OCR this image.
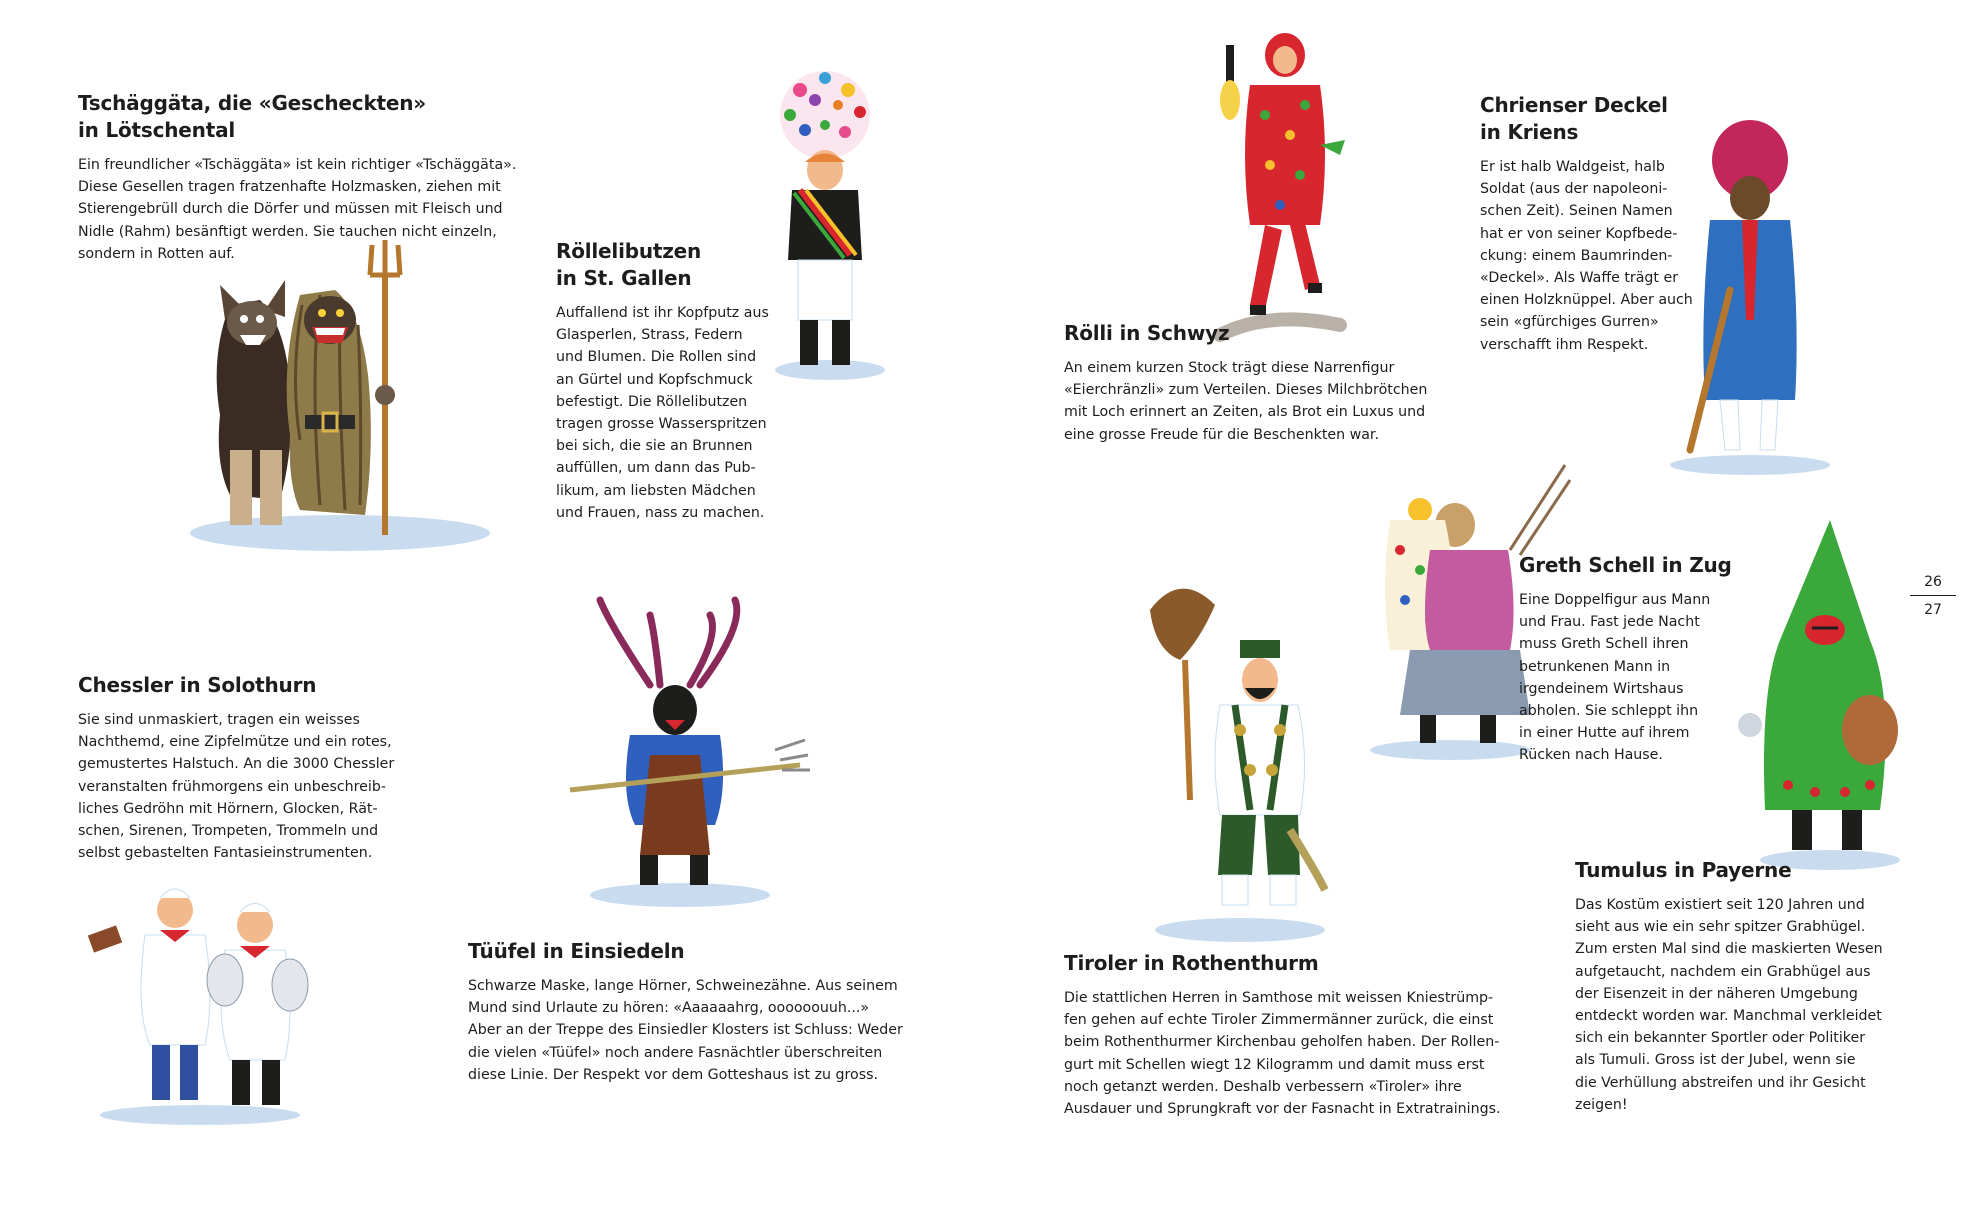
Tschäggäta, die «Gescheckten»
in Lötschental

Ein freundlicher «Tschäggäta» ist kein richtiger «Tschäggäta».
Diese Gesellen tragen fratzenhafte Holzmasken, ziehen mit
Stierengebrüll durch die Dörfer und müssen mit Fleisch und
Nidle (Rahm) besänftigt werden. Sie tauchen nicht einzeln,
sondern in Rotten auf.	Röllelibutzen
in St. Gallen

Auffallend ist ihr Kopfputz aus
Glasperlen, Strass, Federn
und Blumen. Die Rollen sind
an Gürtel und Kopfschmuck
befestigt. Die Röllelibutzen
tragen grosse Wasserspritzen
bei sich, die sie an Brunnen
auffüllen, um dann das Pub-
likum, am liebsten Mädchen
und Frauen, nass zu machen.

Rölli in Schwyz

An einem kurzen Stock trägt diese Narrenfigur
«Eierchränzli» zum Verteilen. Dieses Milchbrötchen
mit Loch erinnert an Zeiten, als Brot ein Luxus und
eine grosse Freude für die Beschenkten war.

Chrienser Deckel
in Kriens

Er ist halb Waldgeist, halb
Soldat (aus der napoleoni-
schen Zeit). Seinen Namen
hat er von seiner Kopfbede-
ckung: einem Baumrinden-
«Deckel». Als Waffe trägt er
einen Holzknüppel. Aber auch
sein «gfürchiges Gurren»
verschafft ihm Respekt.

Chessler in Solothurn

Sie sind unmaskiert, tragen ein weisses
Nachthemd, eine Zipfelmütze und ein rotes,
gemustertes Halstuch. An die 3000 Chessler
veranstalten frühmorgens ein unbeschreib-
liches Gedröhn mit Hörnern, Glocken, Rät-
schen, Sirenen, Trompeten, Trommeln und
selbst gebastelten Fantasieinstrumenten.

Tüüfel in Einsiedeln

Schwarze Maske, lange Hörner, Schweinezähne. Aus seinem
Mund sind Urlaute zu hören: «Aaaaaahrg, oooooouuh...»
Aber an der Treppe des Einsiedler Klosters ist Schluss: Weder
die vielen «Tüüfel» noch andere Fasnächtler überschreiten
diese Linie. Der Respekt vor dem Gotteshaus ist zu gross.

Greth Schell in Zug

Eine Doppelfigur aus Mann
und Frau. Fast jede Nacht
muss Greth Schell ihren
betrunkenen Mann in
irgendeinem Wirtshaus
abholen. Sie schleppt ihn
in einer Hutte auf ihrem
Rücken nach Hause.

Tiroler in Rothenthurm

Die stattlichen Herren in Samthose mit weissen Kniestrümp-
fen gehen auf echte Tiroler Zimmermänner zurück, die einst
beim Rothenthurmer Kirchenbau geholfen haben. Der Rollen-
gurt mit Schellen wiegt 12 Kilogramm und damit muss erst
noch getanzt werden. Deshalb verbessern «Tiroler» ihre
Ausdauer und Sprungkraft vor der Fasnacht in Extratrainings.

Tumulus in Payerne

Das Kostüm existiert seit 120 Jahren und
sieht aus wie ein sehr spitzer Grabhügel.
Zum ersten Mal sind die maskierten Wesen
aufgetaucht, nachdem ein Grabhügel aus
der Eisenzeit in der näheren Umgebung
entdeckt worden war. Manchmal verkleidet
sich ein bekannter Sportler oder Politiker
als Tumuli. Gross ist der Jubel, wenn sie
die Verhüllung abstreifen und ihr Gesicht
zeigen!

26
27
